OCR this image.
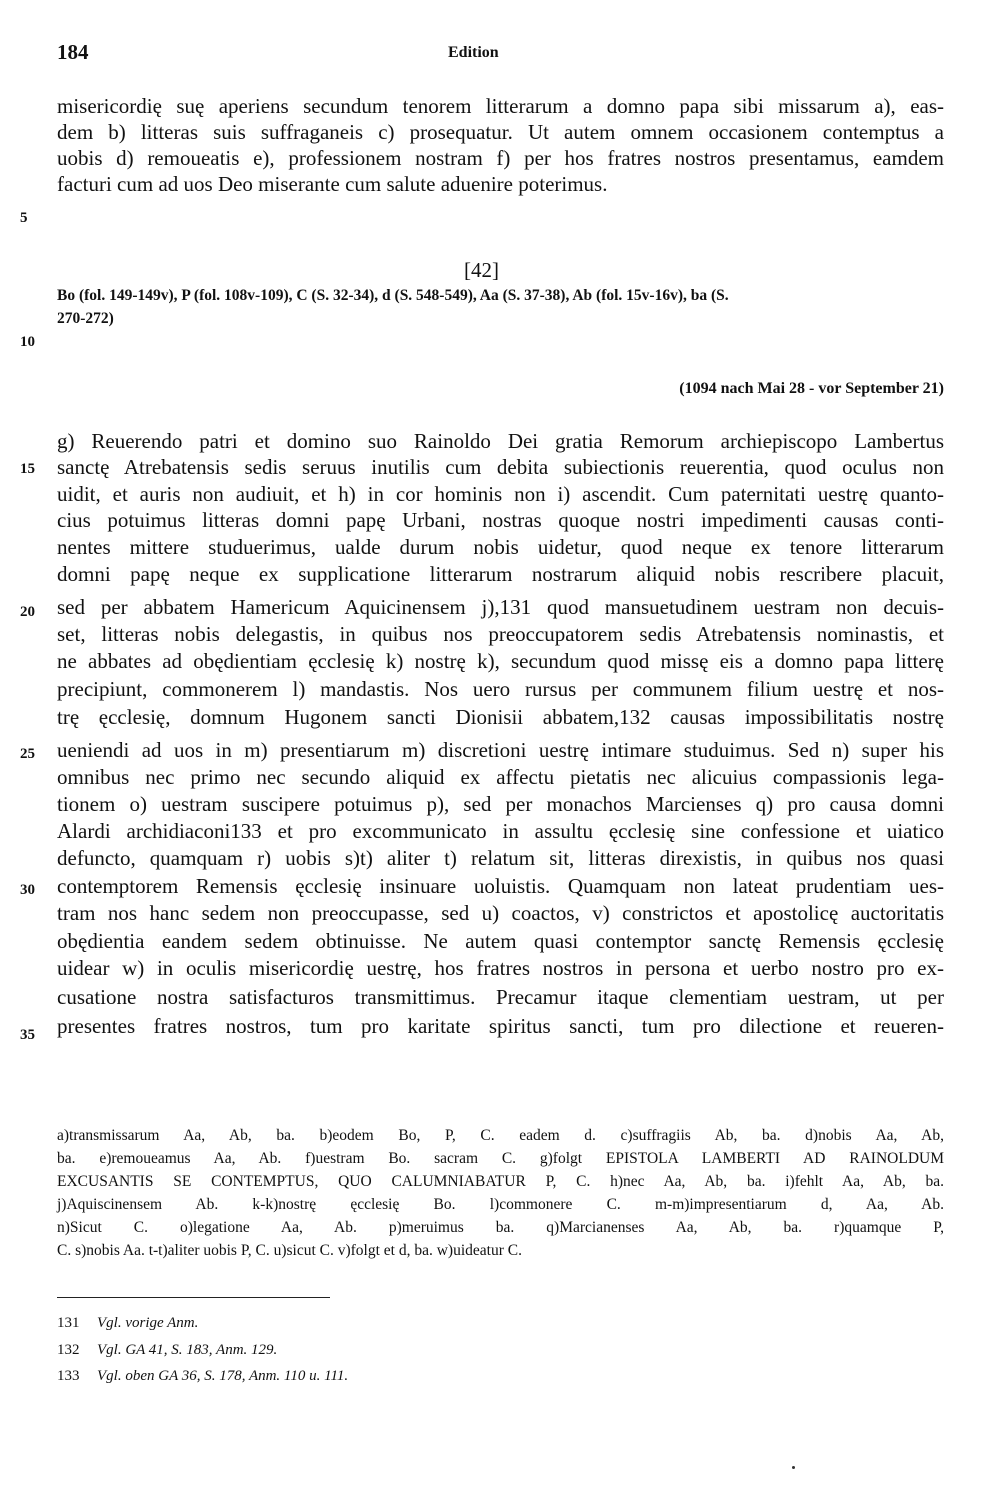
184	Edition
misericordię suę aperiens secundum tenorem litterarum a domno papa sibi missarum a), eas-
dem b) litteras suis suffraganeis c) prosequatur. Ut autem omnem occasionem contemptus a
uobis d) remoueatis e), professionem nostram f) per hos fratres nostros presentamus, eamdem
facturi cum ad uos Deo miserante cum salute aduenire poterimus.
5
10
15
20
25
30
35
[42]
Bo (fol. 149-149v), P (fol. 108v-109), C (S. 32-34), d (S. 548-549), Aa (S. 37-38), Ab (fol. 15v-16v), ba (S.
270-272)
(1094 nach Mai 28 - vor September 21)
g) Reuerendo patri et domino suo Rainoldo Dei gratia Remorum archiepiscopo Lambertus
sanctę Atrebatensis sedis seruus inutilis cum debita subiectionis reuerentia, quod oculus non
uidit, et auris non audiuit, et h) in cor hominis non i) ascendit. Cum paternitati uestrę quanto-
cius potuimus litteras domni papę Urbani, nostras quoque nostri impedimenti causas conti-
nentes mittere studuerimus, ualde durum nobis uidetur, quod neque ex tenore litterarum
domni papę neque ex supplicatione litterarum nostrarum aliquid nobis rescribere placuit,
sed per abbatem Hamericum Aquicinensem j),131 quod mansuetudinem uestram non decuis-
set, litteras nobis delegastis, in quibus nos preoccupatorem sedis Atrebatensis nominastis, et
ne abbates ad obędientiam ęcclesię k) nostrę k), secundum quod missę eis a domno papa litterę
precipiunt, commonerem l) mandastis. Nos uero rursus per communem filium uestrę et nos-
trę ęcclesię, domnum Hugonem sancti Dionisii abbatem,132 causas impossibilitatis nostrę
ueniendi ad uos in m) presentiarum m) discretioni uestrę intimare studuimus. Sed n) super his
omnibus nec primo nec secundo aliquid ex affectu pietatis nec alicuius compassionis lega-
tionem o) uestram suscipere potuimus p), sed per monachos Marcienses q) pro causa domni
Alardi archidiaconi133 et pro excommunicato in assultu ęcclesię sine confessione et uiatico
defuncto, quamquam r) uobis s)t) aliter t) relatum sit, litteras direxistis, in quibus nos quasi
contemptorem Remensis ęcclesię insinuare uoluistis. Quamquam non lateat prudentiam ues-
tram nos hanc sedem non preoccupasse, sed u) coactos, v) constrictos et apostolicę auctoritatis
obędientia eandem sedem obtinuisse. Ne autem quasi contemptor sanctę Remensis ęcclesię
uidear w) in oculis misericordię uestrę, hos fratres nostros in persona et uerbo nostro pro ex-
cusatione nostra satisfacturos transmittimus. Precamur itaque clementiam uestram, ut per
presentes fratres nostros, tum pro karitate spiritus sancti, tum pro dilectione et reueren-
a)transmissarum Aa, Ab, ba. b)eodem Bo, P, C. eadem d. c)suffragiis Ab, ba. d)nobis Aa, Ab,
ba. e)remoueamus Aa, Ab. f)uestram Bo. sacram C. g)folgt EPISTOLA LAMBERTI AD RAINOLDUM
EXCUSANTIS SE CONTEMPTUS, QUO CALUMNIABATUR P, C. h)nec Aa, Ab, ba. i)fehlt Aa, Ab, ba.
j)Aquiscinensem Ab. k-k)nostrę ęcclesię Bo. l)commonere C. m-m)impresentiarum d, Aa, Ab.
n)Sicut C. o)legatione Aa, Ab. p)meruimus ba. q)Marcianenses Aa, Ab, ba. r)quamque P,
C. s)nobis Aa. t-t)aliter uobis P, C. u)sicut C. v)folgt et d, ba. w)uideatur C.
131 Vgl. vorige Anm.
132 Vgl. GA 41, S. 183, Anm. 129.
133 Vgl. oben GA 36, S. 178, Anm. 110 u. 111.
